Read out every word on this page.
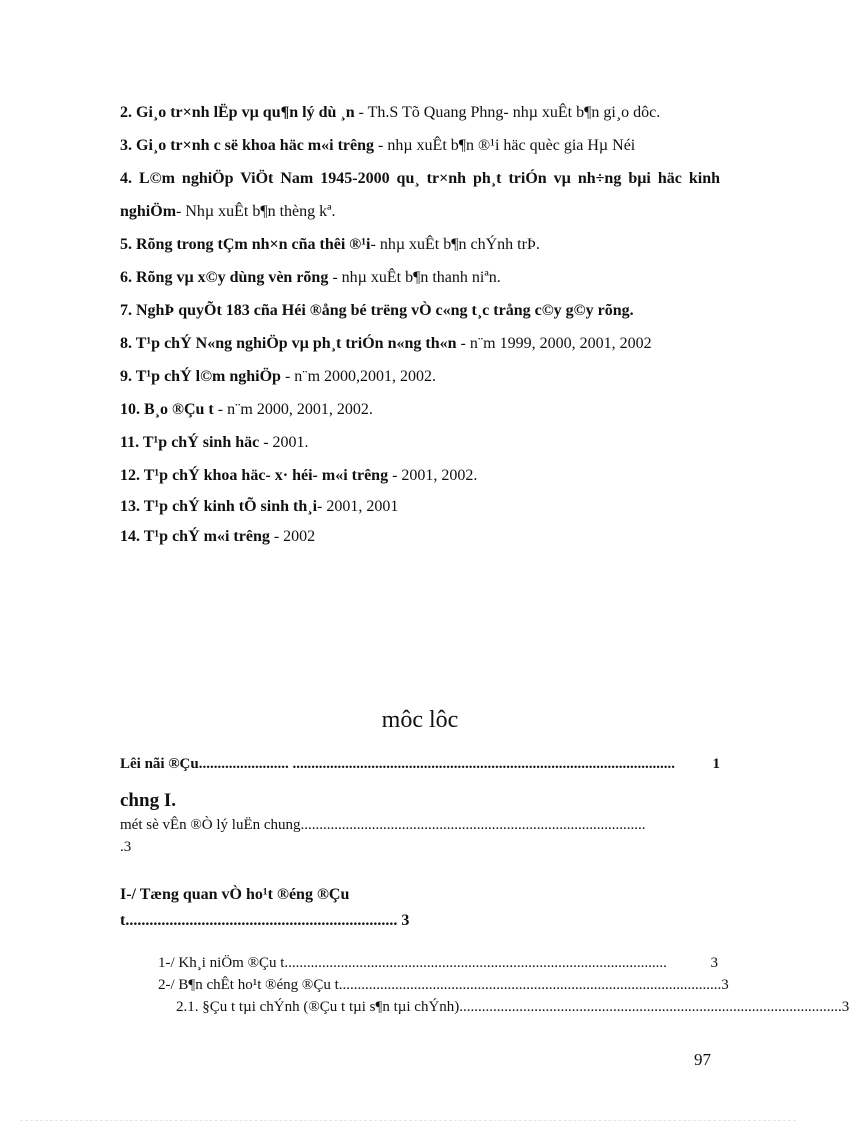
2. Gi¸o tr×nh lËp vµ qu¶n lý dù ¸n - Th.S Tõ Quang Phng- nhµ xuÊt b¶n gi¸o dôc.

3. Gi¸o tr×nh c së khoa häc m«i trêng - nhµ xuÊt b¶n ®¹i häc quèc gia Hµ Néi

4. L©m nghiÖp ViÖt Nam 1945-2000 qu¸ tr×nh ph¸t triÓn vµ nh÷ng bµi häc kinh nghiÖm- Nhµ xuÊt b¶n thèng kª.

5. Rõng trong tÇm nh×n cña thêi ®¹i- nhµ xuÊt b¶n chÝnh trÞ.

6. Rõng vµ x©y dùng vèn rõng - nhµ xuÊt b¶n thanh niªn.

7. NghÞ quyÕt 183 cña Héi ®ång bé trëng vÒ c«ng t¸c trång c©y g©y rõng.

8. T¹p chÝ N«ng nghiÖp vµ ph¸t triÓn n«ng th«n - n¨m 1999, 2000, 2001, 2002

9. T¹p chÝ l©m nghiÖp - n¨m 2000,2001, 2002.

10. B¸o ®Çu t - n¨m 2000, 2001, 2002.

11. T¹p chÝ sinh häc - 2001.

12. T¹p chÝ khoa häc- x· héi- m«i trêng - 2001, 2002.

13. T¹p chÝ kinh tÕ sinh th¸i- 2001, 2001

14. T¹p chÝ m«i trêng - 2002

môc lôc
Lêi nãi ®Çu ........................ ......................................................................................................	1
chng I.
mét sè vÊn ®Ò lý luËn chung............................................................................................
.3
I-/ Tæng quan vÒ ho¹t ®éng ®Çu
t.................................................................... 3
1-/ Kh¸i niÖm ®Çu t ......................................................................................................	3
2-/ B¶n chÊt ho¹t ®éng ®Çu t ...................................................................................................... 3
2.1. §Çu t tµi chÝnh (®Çu t tµi s¶n tµi chÝnh) ...................................................................................................... 3
97
